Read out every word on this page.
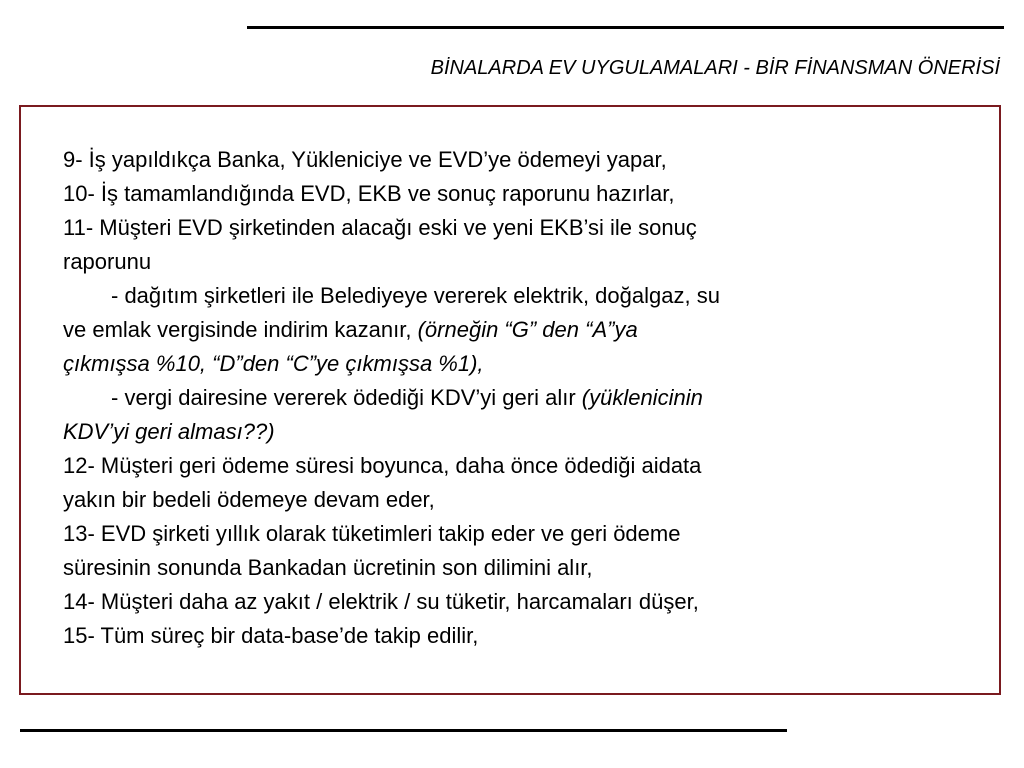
BİNALARDA EV UYGULAMALARI - BİR FİNANSMAN ÖNERİSİ
9- İş yapıldıkça Banka, Yükleniciye ve EVD’ye ödemeyi yapar,
10- İş tamamlandığında EVD, EKB ve sonuç raporunu hazırlar,
11- Müşteri EVD şirketinden alacağı eski ve yeni EKB’si ile sonuç
raporunu
- dağıtım şirketleri ile Belediyeye vererek elektrik, doğalgaz, su
ve emlak vergisinde indirim kazanır, (örneğin “G” den “A”ya
çıkmışsa %10, “D”den “C”ye çıkmışsa %1),
- vergi dairesine vererek ödediği KDV’yi geri alır (yüklenicinin
KDV’yi geri alması??)
12- Müşteri geri ödeme süresi boyunca, daha önce ödediği aidata
yakın bir bedeli ödemeye devam eder,
13- EVD şirketi yıllık olarak tüketimleri takip eder ve geri ödeme
süresinin sonunda Bankadan ücretinin son dilimini alır,
14- Müşteri daha az yakıt / elektrik / su tüketir, harcamaları düşer,
15- Tüm süreç bir data-base’de takip edilir,
